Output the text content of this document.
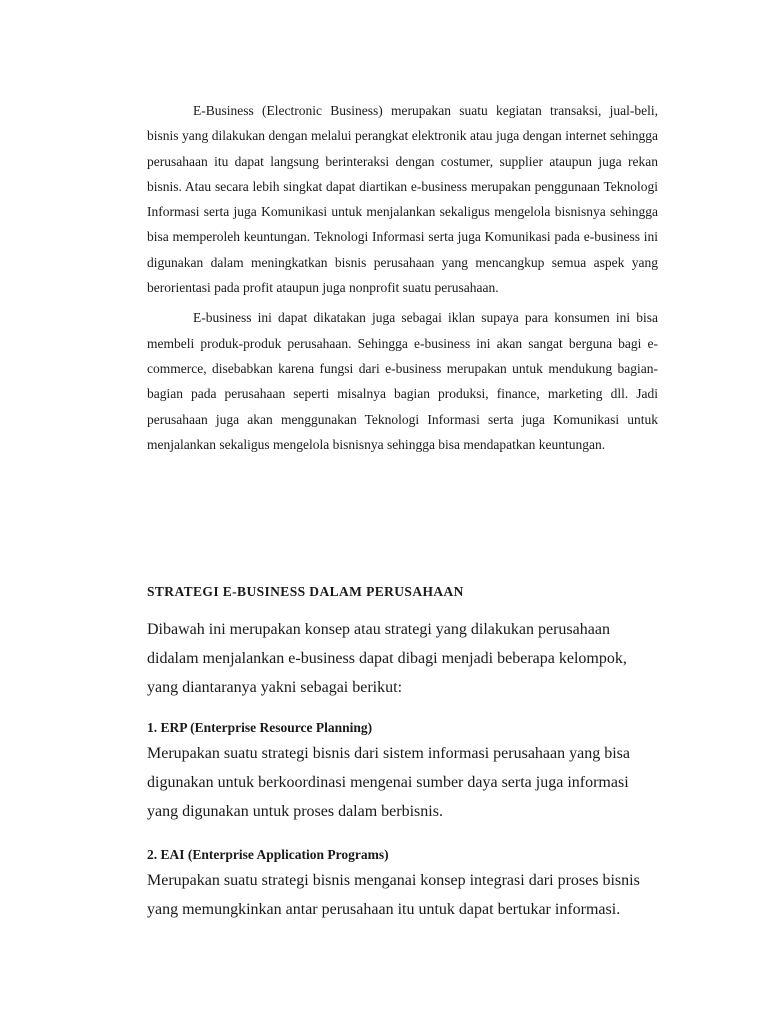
E-Business (Electronic Business) merupakan suatu kegiatan transaksi, jual-beli, bisnis yang dilakukan dengan melalui perangkat elektronik atau juga dengan internet sehingga perusahaan itu dapat langsung berinteraksi dengan costumer, supplier ataupun juga rekan bisnis. Atau secara lebih singkat dapat diartikan e-business merupakan penggunaan Teknologi Informasi serta juga Komunikasi untuk menjalankan sekaligus mengelola bisnisnya sehingga bisa memperoleh keuntungan. Teknologi Informasi serta juga Komunikasi pada e-business ini digunakan dalam meningkatkan bisnis perusahaan yang mencangkup semua aspek yang berorientasi pada profit ataupun juga nonprofit suatu perusahaan.

E-business ini dapat dikatakan juga sebagai iklan supaya para konsumen ini bisa membeli produk-produk perusahaan. Sehingga e-business ini akan sangat berguna bagi e-commerce, disebabkan karena fungsi dari e-business merupakan untuk mendukung bagian-bagian pada perusahaan seperti misalnya bagian produksi, finance, marketing dll. Jadi perusahaan juga akan menggunakan Teknologi Informasi serta juga Komunikasi untuk menjalankan sekaligus mengelola bisnisnya sehingga bisa mendapatkan keuntungan.

STRATEGI E-BUSINESS DALAM PERUSAHAAN

Dibawah ini merupakan konsep atau strategi yang dilakukan perusahaan didalam menjalankan e-business dapat dibagi menjadi beberapa kelompok, yang diantaranya yakni sebagai berikut:

1. ERP (Enterprise Resource Planning)

Merupakan suatu strategi bisnis dari sistem informasi perusahaan yang bisa digunakan untuk berkoordinasi mengenai sumber daya serta juga informasi yang digunakan untuk proses dalam berbisnis.

2. EAI (Enterprise Application Programs)

Merupakan suatu strategi bisnis menganai konsep integrasi dari proses bisnis yang memungkinkan antar perusahaan itu untuk dapat bertukar informasi.
